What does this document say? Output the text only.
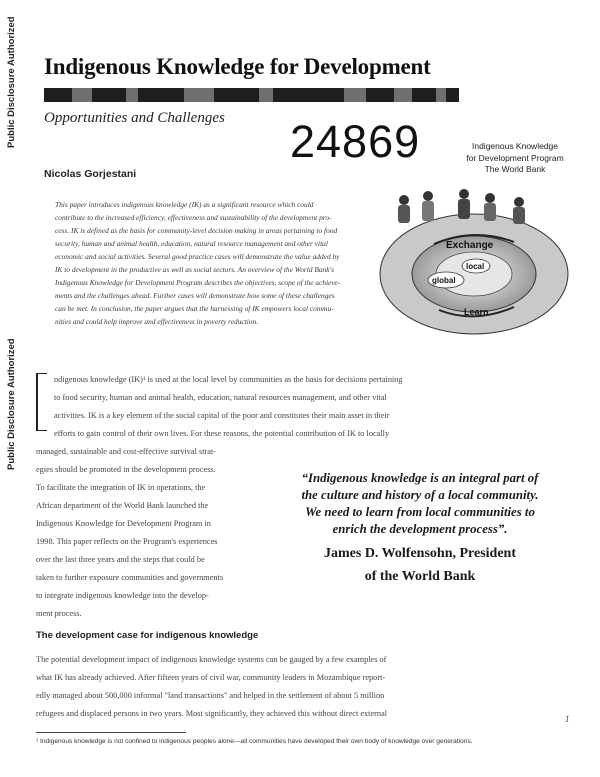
Public Disclosure Authorized
Public Disclosure Authorized
Indigenous Knowledge for Development
Opportunities and Challenges 24869	Indigenous Knowledge
for Development Program
The World Bank
Nicolas Gorjestani
This paper introduces indigenous knowledge (IK) as a significant resource which could
contribute to the increased efficiency, effectiveness and sustainability of the development pro-
cess. IK is defined as the basis for community-level decision making in areas pertaining to food
security, human and animal health, education, natural resource management and other vital
economic and social activities. Several good practice cases will demonstrate the value added by
IK to development in the productive as well as social sectors. An overview of the World Bank's
Indigenous Knowledge for Development Program describes the objectives, scope of the achieve-
ments and the challenges ahead. Further cases will demonstrate how some of these challenges
can be met. In conclusion, the paper argues that the harnessing of IK empowers local commu-
nities and could help improve and effectiveness in poverty reduction.
Exchange
local
global
Learn
ndigenous knowledge (IK)¹ is used at the local level by communities as the basis for decisions pertaining
to food security, human and animal health, education, natural resources management, and other vital
activities. IK is a key element of the social capital of the poor and constitutes their main asset in their
efforts to gain control of their own lives. For these reasons, the potential contribution of IK to locally
managed, sustainable and cost-effective survival strat-
egies should be promoted in the development process.
To facilitate the integration of IK in operations, the
African department of the World Bank launched the
Indigenous Knowledge for Development Program in
1998. This paper reflects on the Program's experiences
over the last three years and the steps that could be
taken to further exposure communities and governments
to integrate indigenous knowledge into the develop-
ment process.
“Indigenous knowledge is an integral part of
the culture and history of a local community.
We need to learn from local communities to
enrich the development process”.
James D. Wolfensohn, President
of the World Bank
The development case for indigenous knowledge
The potential development impact of indigenous knowledge systems can be gauged by a few examples of
what IK has already achieved. After fifteen years of civil war, community leaders in Mozambique report-
edly managed about 500,000 informal "land transactions" and helped in the settlement of about 5 million
refugees and displaced persons in two years. Most significantly, they achieved this without direct external
1
¹ Indigenous knowledge is not confined to indigenous peoples alone—all communities have developed their own body of knowledge over generations.
